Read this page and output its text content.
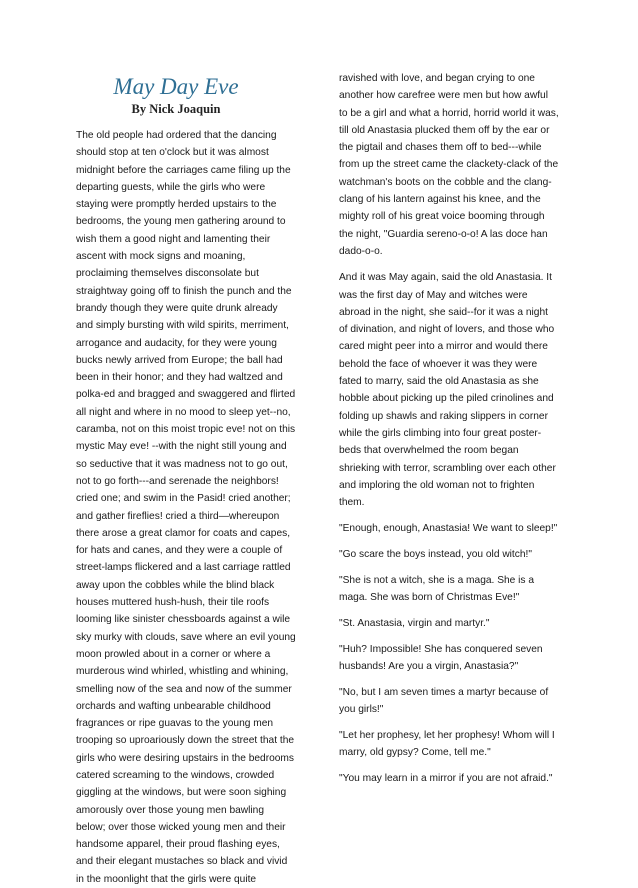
May Day Eve
By Nick Joaquin
The old people had ordered that the dancing
should stop at ten o'clock but it was almost
midnight before the carriages came filing up the
departing guests, while the girls who were
staying were promptly herded upstairs to the
bedrooms, the young men gathering around to
wish them a good night and lamenting their
ascent with mock signs and moaning,
proclaiming themselves disconsolate but
straightway going off to finish the punch and the
brandy though they were quite drunk already
and simply bursting with wild spirits, merriment,
arrogance and audacity, for they were young
bucks newly arrived from Europe; the ball had
been in their honor; and they had waltzed and
polka-ed and bragged and swaggered and flirted
all night and where in no mood to sleep yet--no,
caramba, not on this moist tropic eve! not on this
mystic May eve! --with the night still young and
so seductive that it was madness not to go out,
not to go forth---and serenade the neighbors!
cried one; and swim in the Pasid! cried another;
and gather fireflies! cried a third—whereupon
there arose a great clamor for coats and capes,
for hats and canes, and they were a couple of
street-lamps flickered and a last carriage rattled
away upon the cobbles while the blind black
houses muttered hush-hush, their tile roofs
looming like sinister chessboards against a wile
sky murky with clouds, save where an evil young
moon prowled about in a corner or where a
murderous wind whirled, whistling and whining,
smelling now of the sea and now of the summer
orchards and wafting unbearable childhood
fragrances or ripe guavas to the young men
trooping so uproariously down the street that the
girls who were desiring upstairs in the bedrooms
catered screaming to the windows, crowded
giggling at the windows, but were soon sighing
amorously over those young men bawling
below; over those wicked young men and their
handsome apparel, their proud flashing eyes,
and their elegant mustaches so black and vivid
in the moonlight that the girls were quite
ravished with love, and began crying to one
another how carefree were men but how awful
to be a girl and what a horrid, horrid world it was,
till old Anastasia plucked them off by the ear or
the pigtail and chases them off to bed---while
from up the street came the clackety-clack of the
watchman's boots on the cobble and the clang-
clang of his lantern against his knee, and the
mighty roll of his great voice booming through
the night, "Guardia sereno-o-o! A las doce han
dado-o-o.
And it was May again, said the old Anastasia. It
was the first day of May and witches were
abroad in the night, she said--for it was a night
of divination, and night of lovers, and those who
cared might peer into a mirror and would there
behold the face of whoever it was they were
fated to marry, said the old Anastasia as she
hobble about picking up the piled crinolines and
folding up shawls and raking slippers in corner
while the girls climbing into four great poster-
beds that overwhelmed the room began
shrieking with terror, scrambling over each other
and imploring the old woman not to frighten
them.
"Enough, enough, Anastasia! We want to sleep!"
"Go scare the boys instead, you old witch!"
"She is not a witch, she is a maga. She is a
maga. She was born of Christmas Eve!"
"St. Anastasia, virgin and martyr."
"Huh? Impossible! She has conquered seven
husbands! Are you a virgin, Anastasia?"
"No, but I am seven times a martyr because of
you girls!"
"Let her prophesy, let her prophesy! Whom will I
marry, old gypsy? Come, tell me."
"You may learn in a mirror if you are not afraid."
